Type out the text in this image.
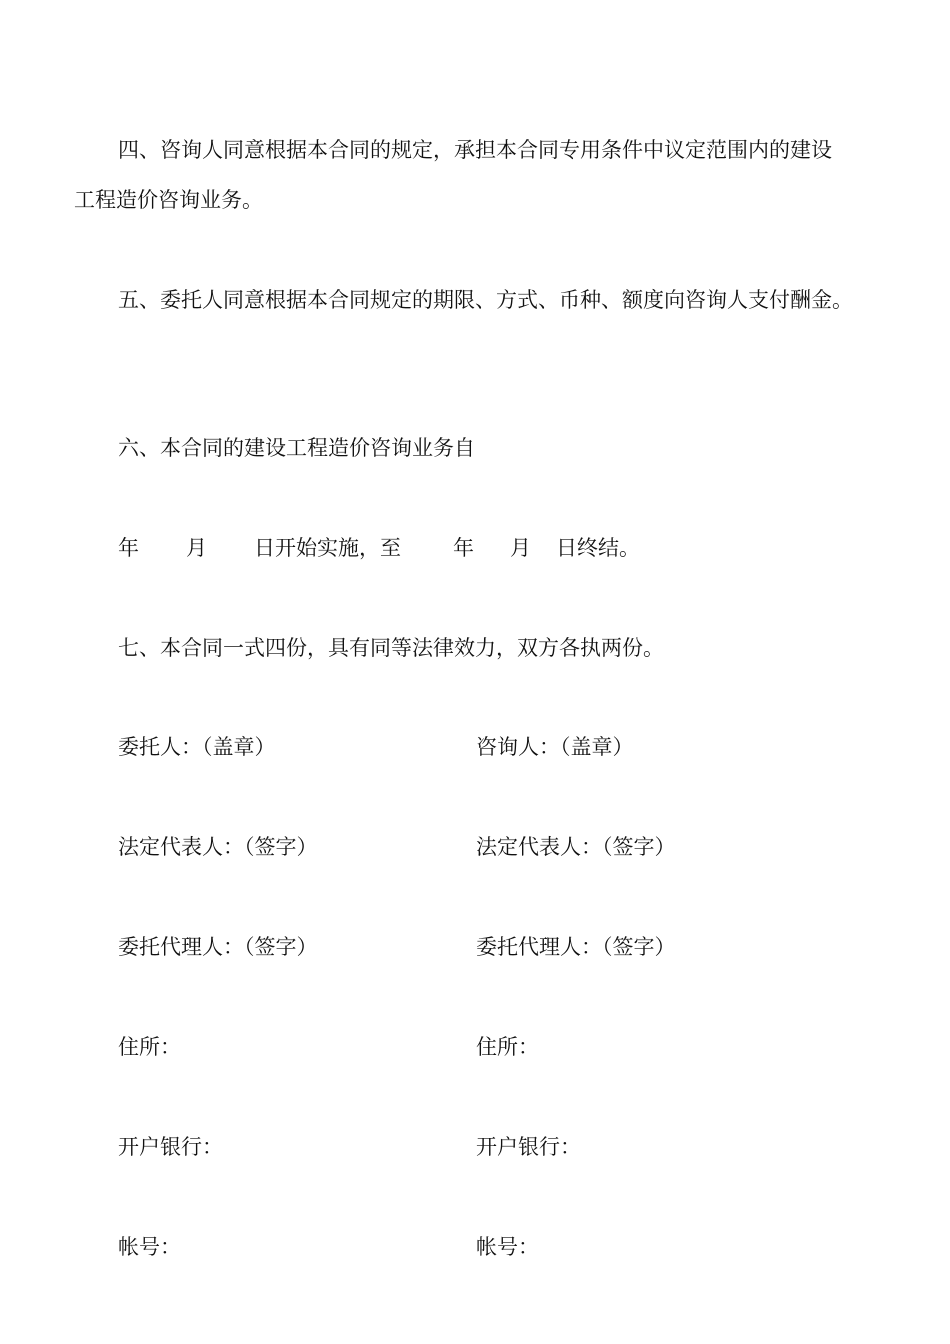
四、咨询人同意根据本合同的规定，承担本合同专用条件中议定范围内的建设
工程造价咨询业务。
五、委托人同意根据本合同规定的期限、方式、币种、额度向咨询人支付酬金。
六、本合同的建设工程造价咨询业务自
年 月 日开始实施，至 年 月 日终结。
七、本合同一式四份，具有同等法律效力，双方各执两份。
委托人：（盖章）	咨询人：（盖章）
法定代表人：（签字）	法定代表人：（签字）
委托代理人：（签字）	委托代理人：（签字）
住所：	住所：
开户银行：	开户银行：
帐号：	帐号：
